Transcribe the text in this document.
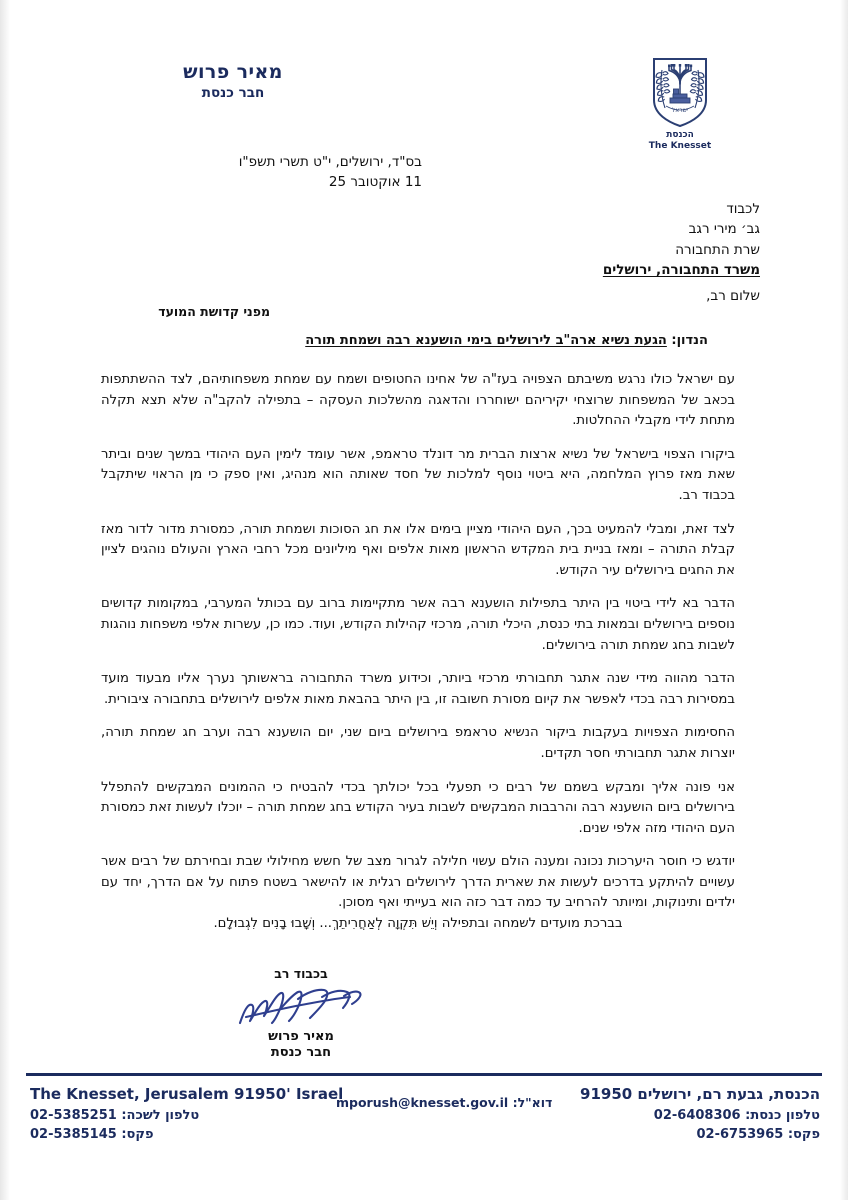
מאיר פרוש
חבר כנסת
ישראל
הכנסת
The Knesset
בס"ד, ירושלים, י"ט תשרי תשפ"ו
11 אוקטובר 25
לכבוד
גב׳ מירי רגב
שרת התחבורה
משרד התחבורה, ירושלים
שלום רב,
מפני קדושת המועד
הנדון: הגעת נשיא ארה"ב לירושלים בימי הושענא רבה ושמחת תורה

עם ישראל כולו נרגש משיבתם הצפויה בעז"ה של אחינו החטופים ושמח עם שמחת משפחותיהם, לצד ההשתתפות בכאב של המשפחות שרוצחי יקיריהם ישוחררו והדאגה מהשלכות העסקה – בתפילה להקב"ה שלא תצא תקלה מתחת לידי מקבלי ההחלטות.

ביקורו הצפוי בישראל של נשיא ארצות הברית מר דונלד טראמפ, אשר עומד לימין העם היהודי במשך שנים וביתר שאת מאז פרוץ המלחמה, היא ביטוי נוסף למלכות של חסד שאותה הוא מנהיג, ואין ספק כי מן הראוי שיתקבל בכבוד רב.

לצד זאת, ומבלי להמעיט בכך, העם היהודי מציין בימים אלו את חג הסוכות ושמחת תורה, כמסורת מדור לדור מאז קבלת התורה – ומאז בניית בית המקדש הראשון מאות אלפים ואף מיליונים מכל רחבי הארץ והעולם נוהגים לציין את החגים בירושלים עיר הקודש.

הדבר בא לידי ביטוי בין היתר בתפילות הושענא רבה אשר מתקיימות ברוב עם בכותל המערבי, במקומות קדושים נוספים בירושלים ובמאות בתי כנסת, היכלי תורה, מרכזי קהילות הקודש, ועוד. כמו כן, עשרות אלפי משפחות נוהגות לשבות בחג שמחת תורה בירושלים.

הדבר מהווה מידי שנה אתגר תחבורתי מרכזי ביותר, וכידוע משרד התחבורה בראשותך נערך אליו מבעוד מועד במסירות רבה בכדי לאפשר את קיום מסורת חשובה זו, בין היתר בהבאת מאות אלפים לירושלים בתחבורה ציבורית.

החסימות הצפויות בעקבות ביקור הנשיא טראמפ בירושלים ביום שני, יום הושענא רבה וערב חג שמחת תורה, יוצרות אתגר תחבורתי חסר תקדים.

אני פונה אליך ומבקש בשמם של רבים כי תפעלי בכל יכולתך בכדי להבטיח כי ההמונים המבקשים להתפלל בירושלים ביום הושענא רבה והרבבות המבקשים לשבות בעיר הקודש בחג שמחת תורה – יוכלו לעשות זאת כמסורת העם היהודי מזה אלפי שנים.

יודגש כי חוסר היערכות נכונה ומענה הולם עשוי חלילה לגרור מצב של חשש מחילולי שבת ובחירתם של רבים אשר עשויים להיתקע בדרכים לעשות את שארית הדרך לירושלים רגלית או להישאר בשטח פתוח על אם הדרך, יחד עם ילדים ותינוקות, ומיותר להרחיב עד כמה דבר כזה הוא בעייתי ואף מסוכן.

בברכת מועדים לשמחה ובתפילה וְיֵשׁ תִּקְוָה לְאַחֲרִיתֵךְ... וְשָׁבוּ בָנִים לִגְבוּלָם.

בכבוד רב
מאיר פרוש
חבר כנסת
הכנסת, גבעת רם, ירושלים 91950
טלפון כנסת: 02-6408306
פקס: 02-6753965
The Knesset, Jerusalem 91950' Israel
טלפון לשכה: 02-5385251
פקס: 02-5385145
דוא"ל: mporush@knesset.gov.il
